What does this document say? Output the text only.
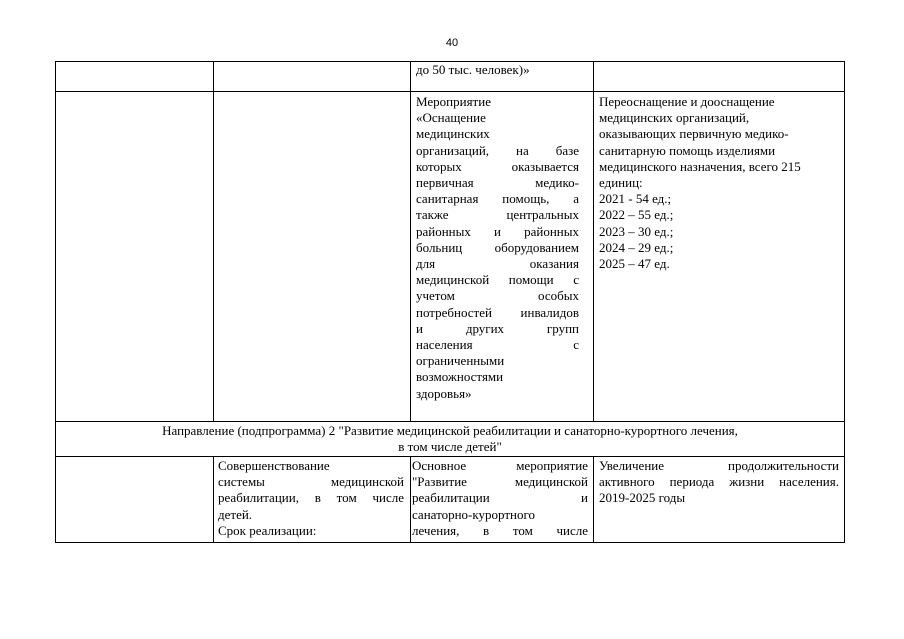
40
до 50 тыс. человек)»
Мероприятие
«Оснащение
медицинских
организаций, на базе
которых оказывается
первичная медико-
санитарная помощь, а
также центральных
районных и районных
больниц оборудованием
для оказания
медицинской помощи с
учетом особых
потребностей инвалидов
и других групп
населения с
ограниченными
возможностями
здоровья»
Переоснащение и дооснащение
медицинских организаций,
оказывающих первичную медико-
санитарную помощь изделиями
медицинского назначения, всего 215
единиц:
2021 - 54 ед.;
2022 – 55 ед.;
2023 – 30 ед.;
2024 – 29 ед.;
2025 – 47 ед.
Направление (подпрограмма) 2 "Развитие медицинской реабилитации и санаторно-курортного лечения,
в том числе детей"
Совершенствование
системы медицинской
реабилитации, в том числе
детей.
Срок реализации:
Основное мероприятие
"Развитие медицинской
реабилитации и
санаторно-курортного
лечения, в том числе
Увеличение продолжительности
активного периода жизни населения.
2019-2025 годы
